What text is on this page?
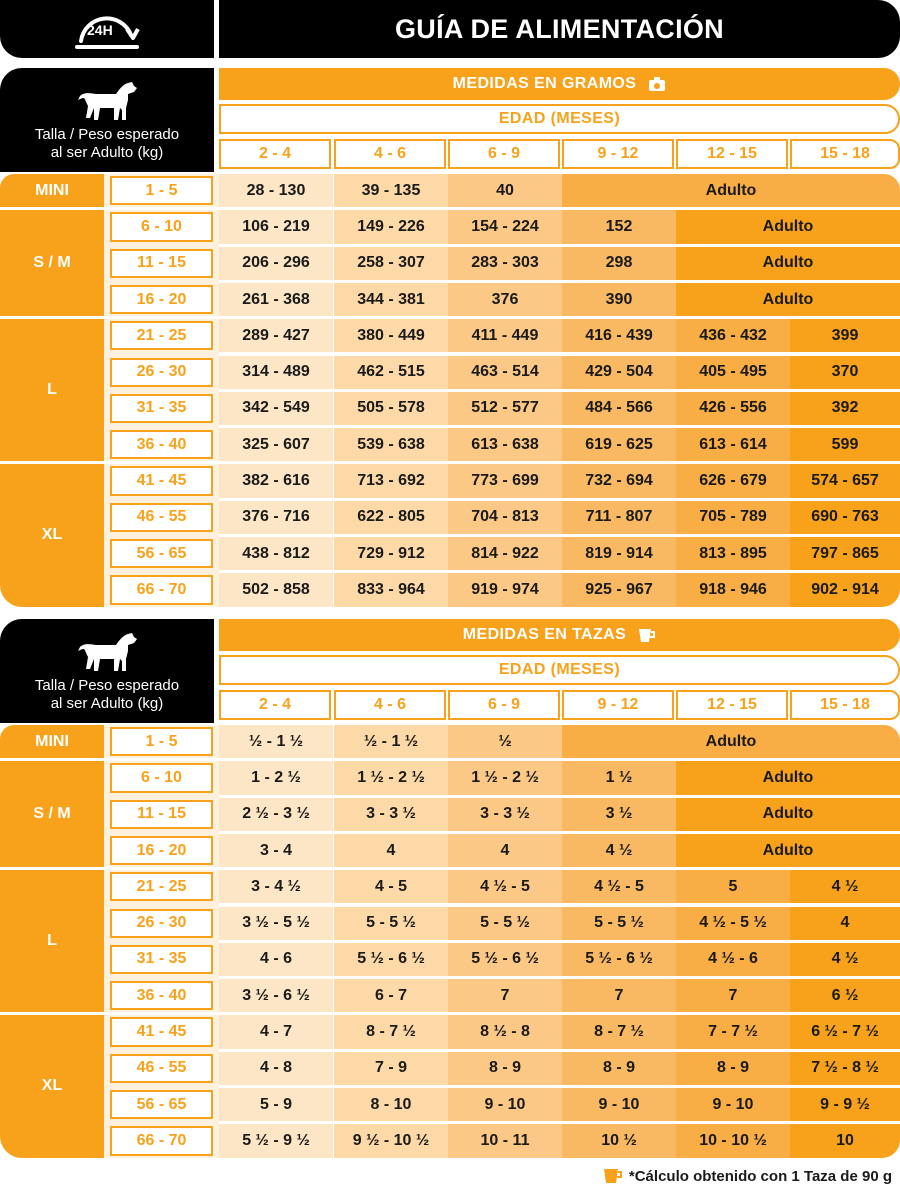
24H	GUÍA DE ALIMENTACIÓN
Talla / Peso esperado
al ser Adulto (kg)
MEDIDAS EN GRAMOS
EDAD (MESES)
2 - 4	4 - 6	6 - 9	9 - 12	12 - 15	15 - 18
MINI	1 - 5	28 - 130	39 - 135	40	Adulto
S / M
6 - 10	106 - 219	149 - 226	154 - 224	152	Adulto
11 - 15	206 - 296	258 - 307	283 - 303	298	Adulto
16 - 20	261 - 368	344 - 381	376	390	Adulto
L
21 - 25	289 - 427	380 - 449	411 - 449	416 - 439	436 - 432	399
26 - 30	314 - 489	462 - 515	463 - 514	429 - 504	405 - 495	370
31 - 35	342 - 549	505 - 578	512 - 577	484 - 566	426 - 556	392
36 - 40	325 - 607	539 - 638	613 - 638	619 - 625	613 - 614	599
XL
41 - 45	382 - 616	713 - 692	773 - 699	732 - 694	626 - 679	574 - 657
46 - 55	376 - 716	622 - 805	704 - 813	711 - 807	705 - 789	690 - 763
56 - 65	438 - 812	729 - 912	814 - 922	819 - 914	813 - 895	797 - 865
66 - 70	502 - 858	833 - 964	919 - 974	925 - 967	918 - 946	902 - 914
Talla / Peso esperado
al ser Adulto (kg)
MEDIDAS EN TAZAS
EDAD (MESES)
2 - 4	4 - 6	6 - 9	9 - 12	12 - 15	15 - 18
MINI	1 - 5	½ - 1 ½	½ - 1 ½	½	Adulto
S / M
6 - 10	1 - 2 ½	1 ½ - 2 ½	1 ½ - 2 ½	1 ½	Adulto
11 - 15	2 ½ - 3 ½	3 - 3 ½	3 - 3 ½	3 ½	Adulto
16 - 20	3 - 4	4	4	4 ½	Adulto
L
21 - 25	3 - 4 ½	4 - 5	4 ½ - 5	4 ½ - 5	5	4 ½
26 - 30	3 ½ - 5 ½	5 - 5 ½	5 - 5 ½	5 - 5 ½	4 ½ - 5 ½	4
31 - 35	4 - 6	5 ½ - 6 ½	5 ½ - 6 ½	5 ½ - 6 ½	4 ½ - 6	4 ½
36 - 40	3 ½ - 6 ½	6 - 7	7	7	7	6 ½
XL
41 - 45	4 - 7	8 - 7 ½	8 ½ - 8	8 - 7 ½	7 - 7 ½	6 ½ - 7 ½
46 - 55	4 - 8	7 - 9	8 - 9	8 - 9	8 - 9	7 ½ - 8 ½
56 - 65	5 - 9	8 - 10	9 - 10	9 - 10	9 - 10	9 - 9 ½
66 - 70	5 ½ - 9 ½	9 ½ - 10 ½	10 - 11	10 ½	10 - 10 ½	10
*Cálculo obtenido con 1 Taza de 90 g
